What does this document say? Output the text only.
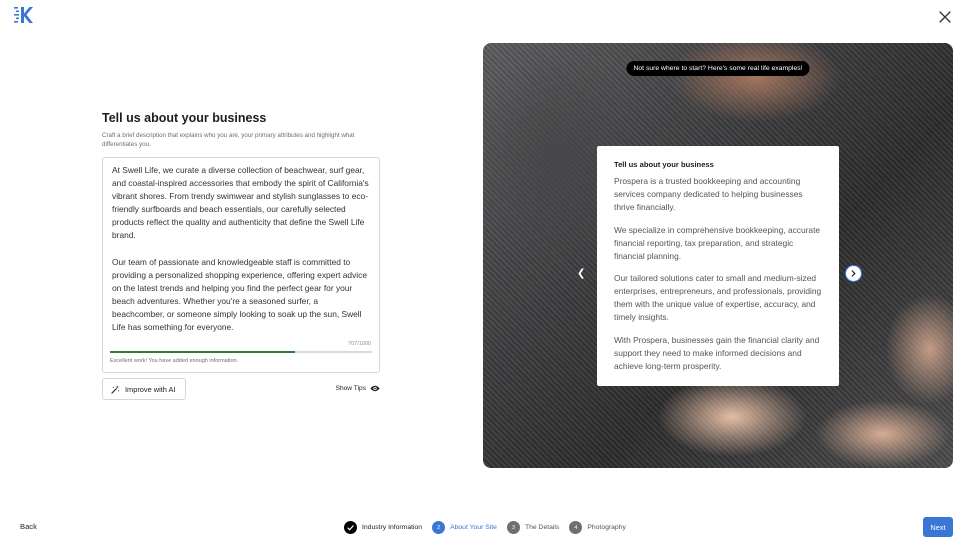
Tell us about your business
Craft a brief description that explains who you are, your primary attributes and highlight what differentiates you.
At Swell Life, we curate a diverse collection of beachwear, surf gear, and coastal-inspired accessories that embody the spirit of California's vibrant shores. From trendy swimwear and stylish sunglasses to eco-friendly surfboards and beach essentials, our carefully selected products reflect the quality and authenticity that define the Swell Life brand.
Our team of passionate and knowledgeable staff is committed to providing a personalized shopping experience, offering expert advice on the latest trends and helping you find the perfect gear for your beach adventures. Whether you're a seasoned surfer, a beachcomber, or someone simply looking to soak up the sun, Swell Life has something for everyone.
707/1000
Excellent work! You have added enough information.
Improve with AI	Show Tips
Not sure where to start? Here's some real life examples!
❮
Tell us about your business
Prospera is a trusted bookkeeping and accounting services company dedicated to helping businesses thrive financially.
We specialize in comprehensive bookkeeping, accurate financial reporting, tax preparation, and strategic financial planning.
Our tailored solutions cater to small and medium-sized enterprises, entrepreneurs, and professionals, providing them with the unique value of expertise, accuracy, and timely insights.
With Prospera, businesses gain the financial clarity and support they need to make informed decisions and achieve long-term prosperity.
Back	Industry Information	2	About Your Site	3	The Details	4	Photography	Next
